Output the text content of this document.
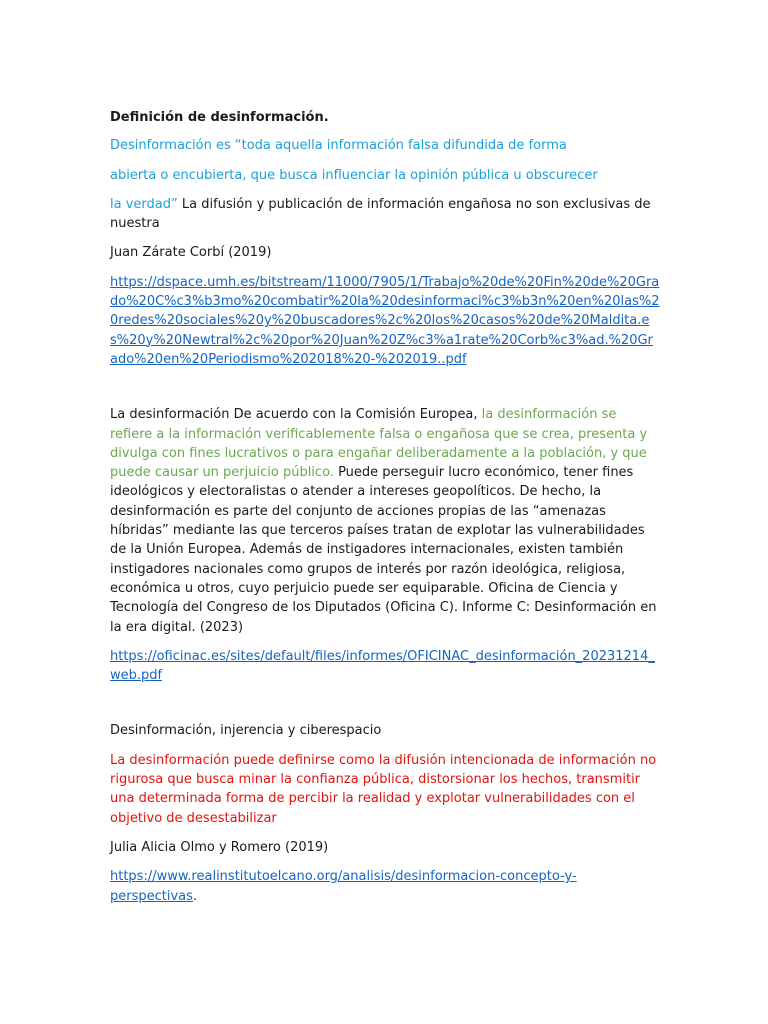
Definición de desinformación.

Desinformación es “toda aquella información falsa difundida de forma

abierta o encubierta, que busca influenciar la opinión pública u obscurecer

la verdad” La difusión y publicación de información engañosa no son exclusivas de nuestra

Juan Zárate Corbí (2019)

https://dspace.umh.es/bitstream/11000/7905/1/Trabajo%20de%20Fin%20de%20Grado%20C%c3%b3mo%20combatir%20la%20desinformaci%c3%b3n%20en%20las%20redes%20sociales%20y%20buscadores%2c%20los%20casos%20de%20Maldita.es%20y%20Newtral%2c%20por%20Juan%20Z%c3%a1rate%20Corb%c3%ad.%20Grado%20en%20Periodismo%202018%20-%202019..pdf

La desinformación De acuerdo con la Comisión Europea, la desinformación se refiere a la información verificablemente falsa o engañosa que se crea, presenta y divulga con fines lucrativos o para engañar deliberadamente a la población, y que puede causar un perjuicio público. Puede perseguir lucro económico, tener fines ideológicos y electoralistas o atender a intereses geopolíticos. De hecho, la desinformación es parte del conjunto de acciones propias de las “amenazas híbridas” mediante las que terceros países tratan de explotar las vulnerabilidades de la Unión Europea. Además de instigadores internacionales, existen también instigadores nacionales como grupos de interés por razón ideológica, religiosa, económica u otros, cuyo perjuicio puede ser equiparable. Oficina de Ciencia y Tecnología del Congreso de los Diputados (Oficina C). Informe C: Desinformación en la era digital. (2023)

https://oficinac.es/sites/default/files/informes/OFICINAC_desinformación_20231214_web.pdf

Desinformación, injerencia y ciberespacio

La desinformación puede definirse como la difusión intencionada de información no rigurosa que busca minar la confianza pública, distorsionar los hechos, transmitir una determinada forma de percibir la realidad y explotar vulnerabilidades con el objetivo de desestabilizar

Julia Alicia Olmo y Romero (2019)

https://www.realinstitutoelcano.org/analisis/desinformacion-concepto-y-perspectivas.
